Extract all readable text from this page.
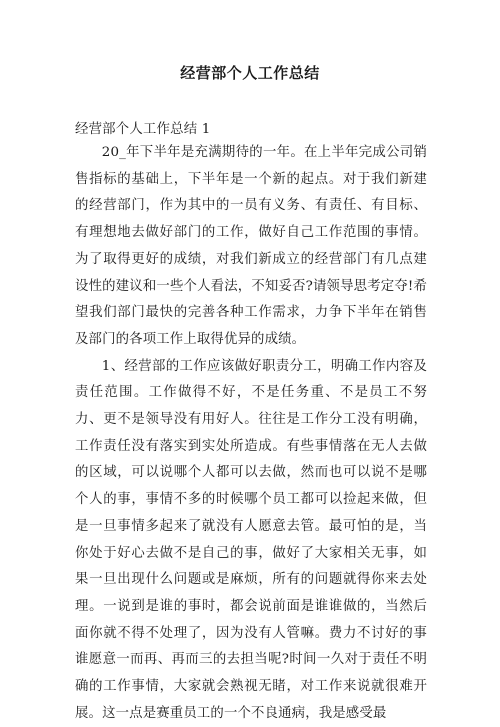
经营部个人工作总结

经营部个人工作总结 1

20_年下半年是充满期待的一年。在上半年完成公司销售指标的基础上，下半年是一个新的起点。对于我们新建的经营部门，作为其中的一员有义务、有责任、有目标、有理想地去做好部门的工作，做好自己工作范围的事情。为了取得更好的成绩，对我们新成立的经营部门有几点建设性的建议和一些个人看法，不知妥否?请领导思考定夺!希望我们部门最快的完善各种工作需求，力争下半年在销售及部门的各项工作上取得优异的成绩。

1、经营部的工作应该做好职责分工，明确工作内容及责任范围。工作做得不好，不是任务重、不是员工不努力、更不是领导没有用好人。往往是工作分工没有明确，工作责任没有落实到实处所造成。有些事情落在无人去做的区域，可以说哪个人都可以去做，然而也可以说不是哪个人的事，事情不多的时候哪个员工都可以捡起来做，但是一旦事情多起来了就没有人愿意去管。最可怕的是，当你处于好心去做不是自己的事，做好了大家相关无事，如果一旦出现什么问题或是麻烦，所有的问题就得你来去处理。一说到是谁的事时，都会说前面是谁谁做的，当然后面你就不得不处理了，因为没有人管嘛。费力不讨好的事谁愿意一而再、再而三的去担当呢?时间一久对于责任不明确的工作事情，大家就会熟视无睹，对工作来说就很难开展。这一点是赛重员工的一个不良通病，我是感受最
